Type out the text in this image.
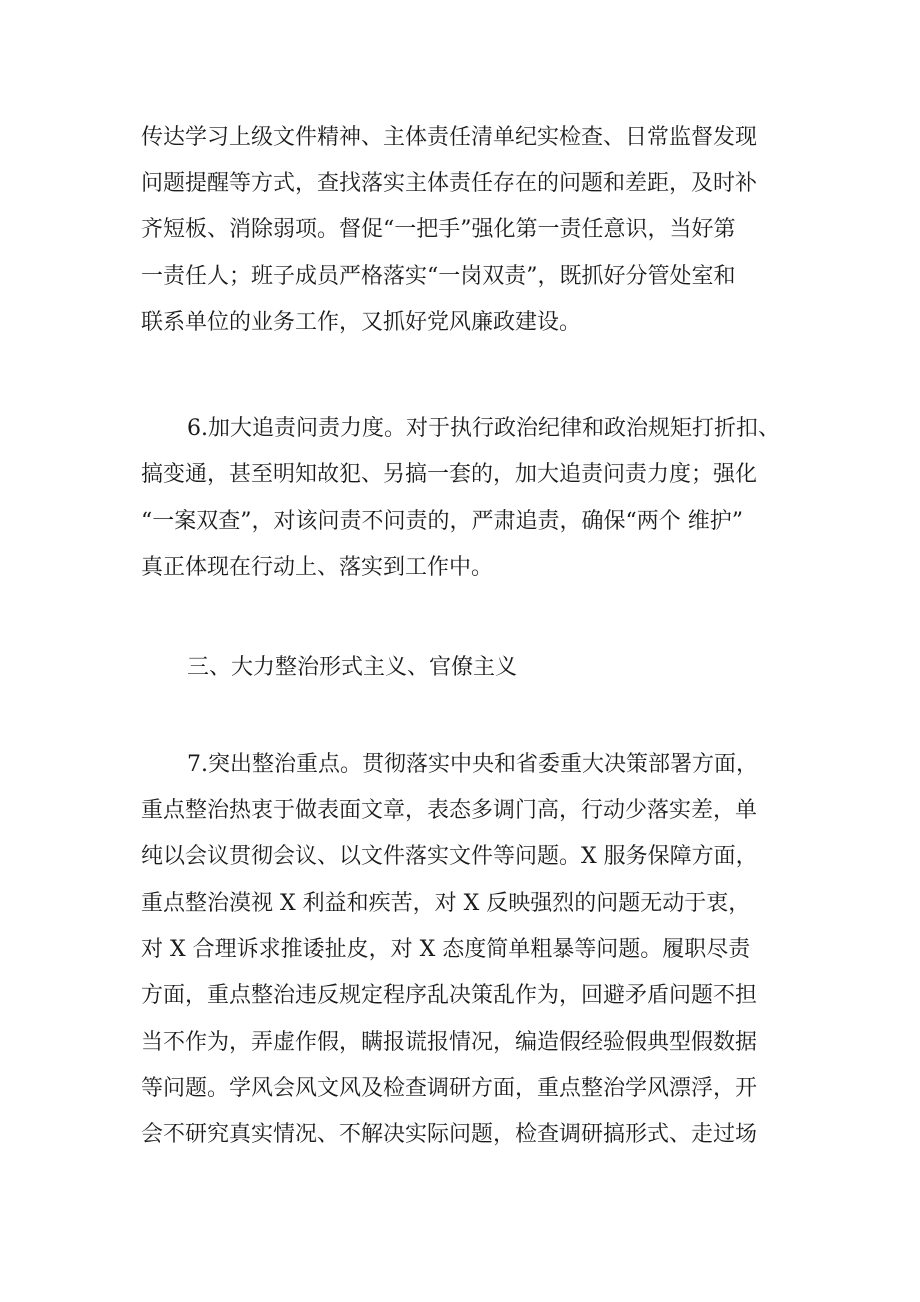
传达学习上级文件精神、主体责任清单纪实检查、日常监督发现
问题提醒等方式，查找落实主体责任存在的问题和差距，及时补
齐短板、消除弱项。督促“一把手”强化第一责任意识，当好第
一责任人；班子成员严格落实“一岗双责”，既抓好分管处室和
联系单位的业务工作，又抓好党风廉政建设。
6.加大追责问责力度。对于执行政治纪律和政治规矩打折扣、
搞变通，甚至明知故犯、另搞一套的，加大追责问责力度；强化
“一案双查”，对该问责不问责的，严肃追责，确保“两个 维护”
真正体现在行动上、落实到工作中。
三、大力整治形式主义、官僚主义
7.突出整治重点。贯彻落实中央和省委重大决策部署方面，
重点整治热衷于做表面文章，表态多调门高，行动少落实差，单
纯以会议贯彻会议、以文件落实文件等问题。X 服务保障方面，
重点整治漠视 X 利益和疾苦，对 X 反映强烈的问题无动于衷，
对 X 合理诉求推诿扯皮，对 X 态度简单粗暴等问题。履职尽责
方面，重点整治违反规定程序乱决策乱作为，回避矛盾问题不担
当不作为，弄虚作假，瞒报谎报情况，编造假经验假典型假数据
等问题。学风会风文风及检查调研方面，重点整治学风漂浮，开
会不研究真实情况、不解决实际问题，检查调研搞形式、走过场
